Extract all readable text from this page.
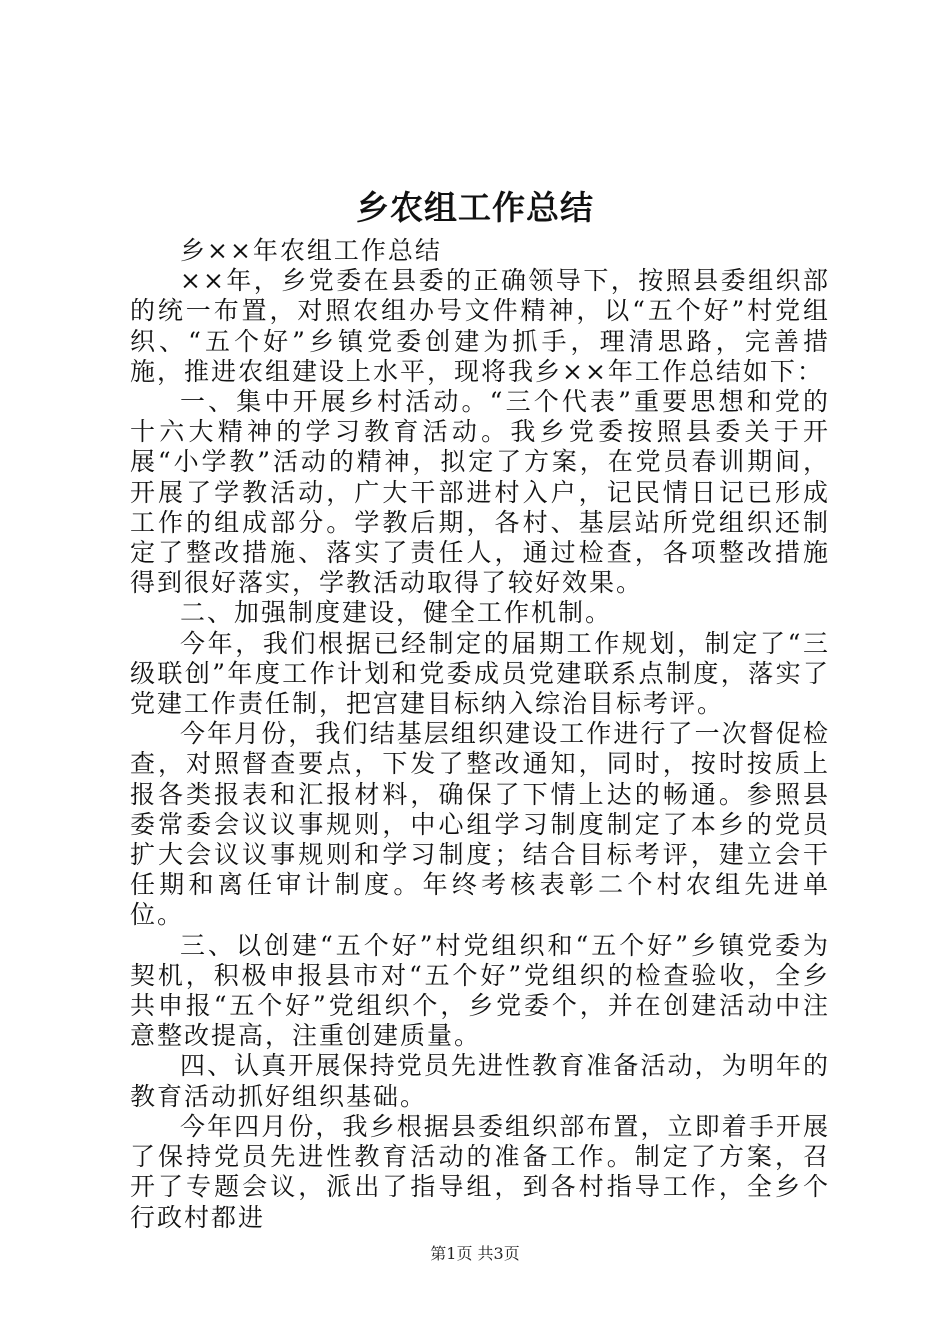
乡农组工作总结

乡××年农组工作总结

××年，乡党委在县委的正确领导下，按照县委组织部的统一布置，对照农组办号文件精神，以“五个好”村党组织、“五个好”乡镇党委创建为抓手，理清思路，完善措施，推进农组建设上水平，现将我乡××年工作总结如下：

一、集中开展乡村活动。“三个代表”重要思想和党的十六大精神的学习教育活动。我乡党委按照县委关于开展“小学教”活动的精神，拟定了方案，在党员春训期间，开展了学教活动，广大干部进村入户，记民情日记已形成工作的组成部分。学教后期，各村、基层站所党组织还制定了整改措施、落实了责任人，通过检查，各项整改措施得到很好落实，学教活动取得了较好效果。

二、加强制度建设，健全工作机制。

今年，我们根据已经制定的届期工作规划，制定了“三级联创”年度工作计划和党委成员党建联系点制度，落实了党建工作责任制，把宫建目标纳入综治目标考评。

今年月份，我们结基层组织建设工作进行了一次督促检查，对照督查要点，下发了整改通知，同时，按时按质上报各类报表和汇报材料，确保了下情上达的畅通。参照县委常委会议议事规则，中心组学习制度制定了本乡的党员扩大会议议事规则和学习制度；结合目标考评，建立会干任期和离任审计制度。年终考核表彰二个村农组先进单位。

三、以创建“五个好”村党组织和“五个好”乡镇党委为契机，积极申报县市对“五个好”党组织的检查验收，全乡共申报“五个好”党组织个，乡党委个，并在创建活动中注意整改提高，注重创建质量。

四、认真开展保持党员先进性教育准备活动，为明年的教育活动抓好组织基础。

今年四月份，我乡根据县委组织部布置，立即着手开展了保持党员先进性教育活动的准备工作。制定了方案，召开了专题会议，派出了指导组，到各村指导工作，全乡个行政村都进

第1页 共3页
